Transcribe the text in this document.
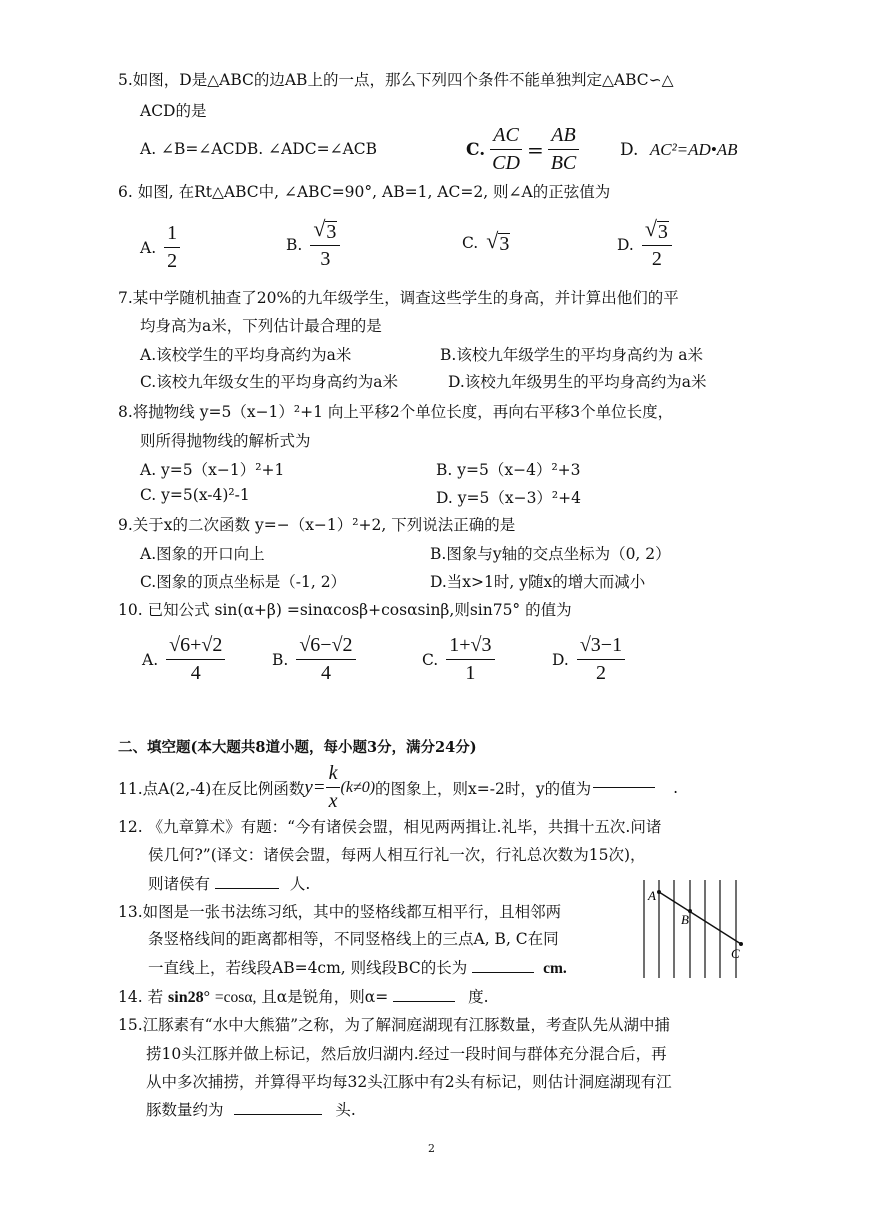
5.如图，D是△ABC的边AB上的一点，那么下列四个条件不能单独判定△ABC∽△
ACD的是
A. ∠B=∠ACDB. ∠ADC=∠ACB	C. $\frac{AC}{CD} = \frac{AB}{BC} D$. AC²=AD•AB
6. 如图, 在Rt△ABC中, ∠ABC=90°, AB=1, AC=2, 则∠A的正弦值为
A. $\frac{1}{2}$	B. $\frac{√ 3}{3}$	C. √ 3	D. $\frac{√ 3}{2}$
7.某中学随机抽查了20%的九年级学生，调查这些学生的身高，并计算出他们的平
均身高为a米，下列估计最合理的是
A.该校学生的平均身高约为a米	B.该校九年级学生的平均身高约为 a米
C.该校九年级女生的平均身高约为a米	D.该校九年级男生的平均身高约为a米
8.将抛物线 y=5（x−1）²+1 向上平移2个单位长度，再向右平移3个单位长度，
则所得抛物线的解析式为
A. y=5（x−1）²+1	B. y=5（x−4）²+3
C. y=5(x-4)²-1	D. y=5（x−3）²+4
9.关于x的二次函数 y=−（x−1）²+2, 下列说法正确的是
A.图象的开口向上	B.图象与y轴的交点坐标为（0, 2）
C.图象的顶点坐标是（-1, 2）	D.当x>1时, y随x的增大而减小
10. 已知公式 sin(α+β) =sinαcosβ+cosαsinβ,则sin75° 的值为
A. $\frac{√6+√2}{4}$	B. $\frac{√6-√2}{4}$	C. $\frac{1+√3}{1}$	D. $\frac{√3-1}{2}$
二、填空题(本大题共8道小题，每小题3分，满分24分)
11.点A(2,-4)在反比例函数 $y= \frac{k}{x} (k\ne 0)$ 的图象上，则x=-2时，y的值为	.
12. 《九章算术》有题：“今有诸侯会盟，相见两两揖让.礼毕，共揖十五次.问诸
侯几何?”(译文：诸侯会盟，每两人相互行礼一次，行礼总次数为15次)，
则诸侯有	人.
13.如图是一张书法练习纸，其中的竖格线都互相平行，且相邻两
条竖格线间的距离都相等，不同竖格线上的三点A, B, C在同
一直线上，若线段AB=4cm, 则线段BC的长为	cm.
A
B
C
14. 若 sin28° =cosα, 且α是锐角，则α=	度.
15.江豚素有“水中大熊猫”之称，为了解洞庭湖现有江豚数量，考查队先从湖中捕
捞10头江豚并做上标记，然后放归湖内.经过一段时间与群体充分混合后，再
从中多次捕捞，并算得平均每32头江豚中有2头有标记，则估计洞庭湖现有江
豚数量约为	头.
2
